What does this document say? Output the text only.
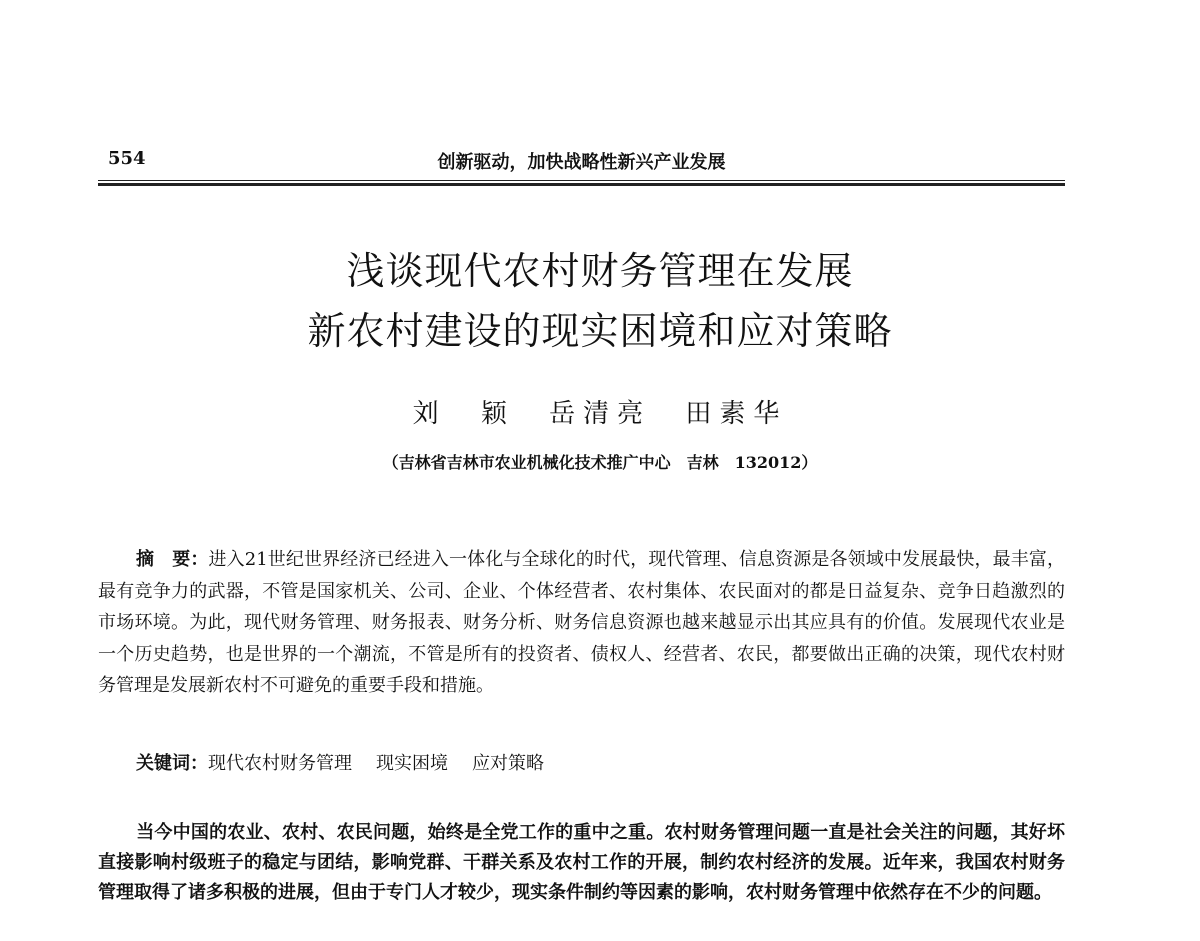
554	创新驱动，加快战略性新兴产业发展
浅谈现代农村财务管理在发展
新农村建设的现实困境和应对策略
刘 颖 岳清亮 田素华
（吉林省吉林市农业机械化技术推广中心　吉林　132012）
摘　要：进入21世纪世界经济已经进入一体化与全球化的时代，现代管理、信息资源是各领域中发展最快，最丰富，最有竞争力的武器，不管是国家机关、公司、企业、个体经营者、农村集体、农民面对的都是日益复杂、竞争日趋激烈的市场环境。为此，现代财务管理、财务报表、财务分析、财务信息资源也越来越显示出其应具有的价值。发展现代农业是一个历史趋势，也是世界的一个潮流，不管是所有的投资者、债权人、经营者、农民，都要做出正确的决策，现代农村财务管理是发展新农村不可避免的重要手段和措施。
关键词：现代农村财务管理 现实困境 应对策略
当今中国的农业、农村、农民问题，始终是全党工作的重中之重。农村财务管理问题一直是社会关注的问题，其好坏直接影响村级班子的稳定与团结，影响党群、干群关系及农村工作的开展，制约农村经济的发展。近年来，我国农村财务管理取得了诸多积极的进展，但由于专门人才较少，现实条件制约等因素的影响，农村财务管理中依然存在不少的问题。
